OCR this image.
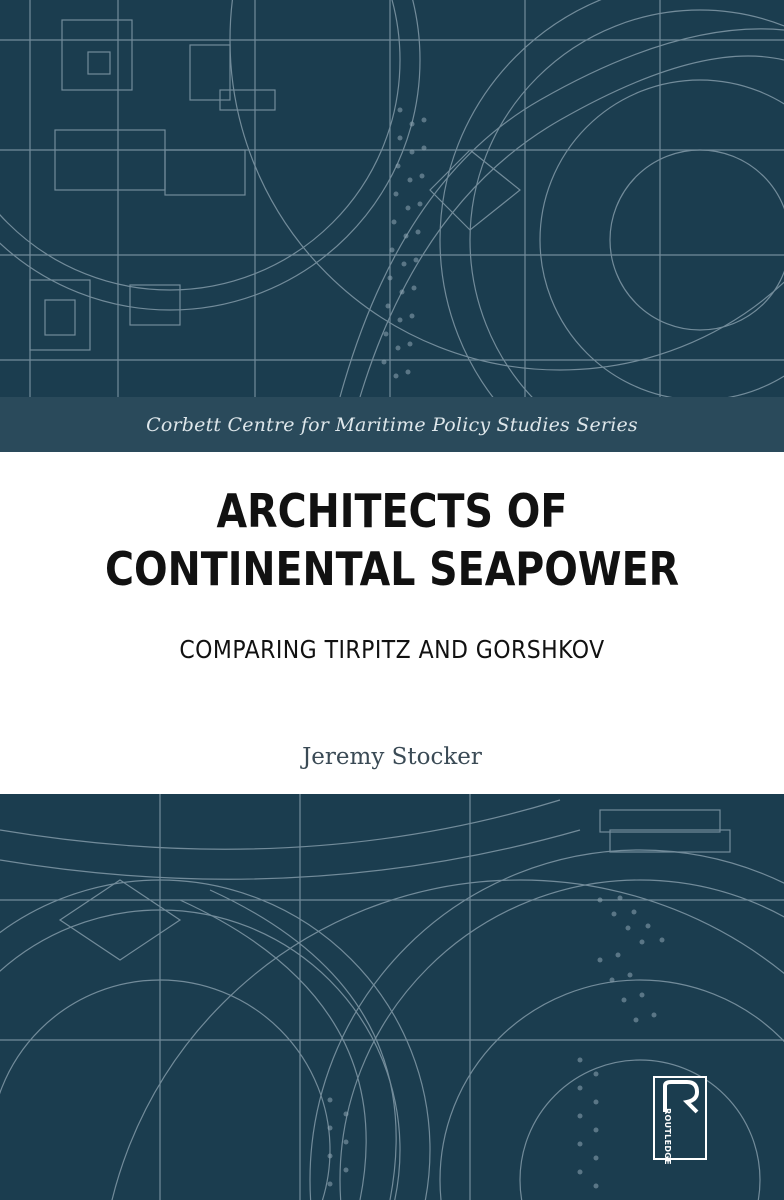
Corbett Centre for Maritime Policy Studies Series
ARCHITECTS OF
CONTINENTAL SEAPOWER
COMPARING TIRPITZ AND GORSHKOV
Jeremy Stocker
ROUTLEDGE
